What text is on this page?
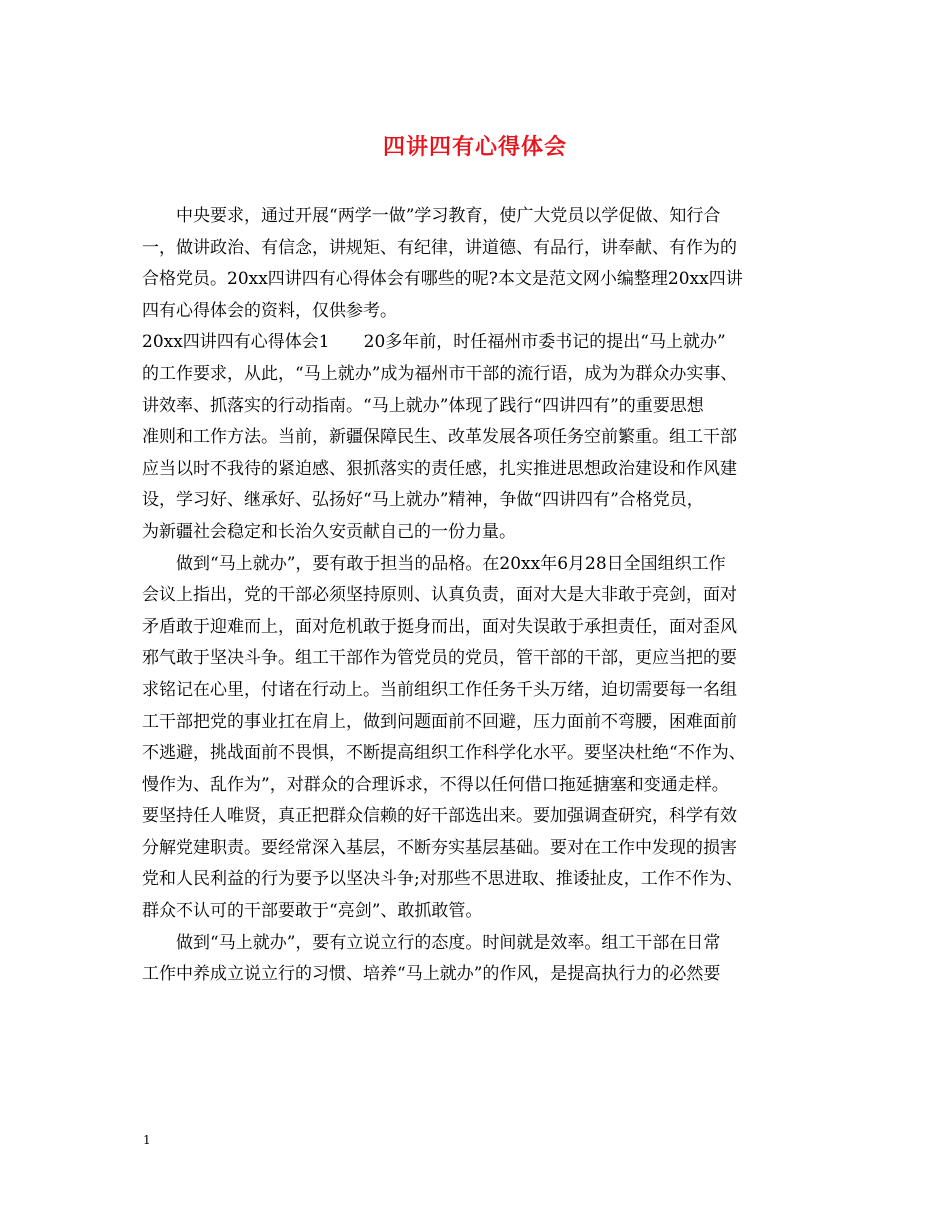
四讲四有心得体会
中央要求，通过开展“两学一做”学习教育，使广大党员以学促做、知行合
一，做讲政治、有信念，讲规矩、有纪律，讲道德、有品行，讲奉献、有作为的
合格党员。20xx四讲四有心得体会有哪些的呢?本文是范文网小编整理20xx四讲
四有心得体会的资料，仅供参考。
20xx四讲四有心得体会1　　20多年前，时任福州市委书记的提出“马上就办”
的工作要求，从此，“马上就办”成为福州市干部的流行语，成为为群众办实事、
讲效率、抓落实的行动指南。“马上就办”体现了践行“四讲四有”的重要思想
准则和工作方法。当前，新疆保障民生、改革发展各项任务空前繁重。组工干部
应当以时不我待的紧迫感、狠抓落实的责任感，扎实推进思想政治建设和作风建
设，学习好、继承好、弘扬好“马上就办”精神，争做“四讲四有”合格党员，
为新疆社会稳定和长治久安贡献自己的一份力量。
做到“马上就办”，要有敢于担当的品格。在20xx年6月28日全国组织工作
会议上指出，党的干部必须坚持原则、认真负责，面对大是大非敢于亮剑，面对
矛盾敢于迎难而上，面对危机敢于挺身而出，面对失误敢于承担责任，面对歪风
邪气敢于坚决斗争。组工干部作为管党员的党员，管干部的干部，更应当把的要
求铭记在心里，付诸在行动上。当前组织工作任务千头万绪，迫切需要每一名组
工干部把党的事业扛在肩上，做到问题面前不回避，压力面前不弯腰，困难面前
不逃避，挑战面前不畏惧，不断提高组织工作科学化水平。要坚决杜绝“不作为、
慢作为、乱作为”，对群众的合理诉求，不得以任何借口拖延搪塞和变通走样。
要坚持任人唯贤，真正把群众信赖的好干部选出来。要加强调查研究，科学有效
分解党建职责。要经常深入基层，不断夯实基层基础。要对在工作中发现的损害
党和人民利益的行为要予以坚决斗争;对那些不思进取、推诿扯皮，工作不作为、
群众不认可的干部要敢于“亮剑”、敢抓敢管。
做到“马上就办”，要有立说立行的态度。时间就是效率。组工干部在日常
工作中养成立说立行的习惯、培养“马上就办”的作风，是提高执行力的必然要
1
